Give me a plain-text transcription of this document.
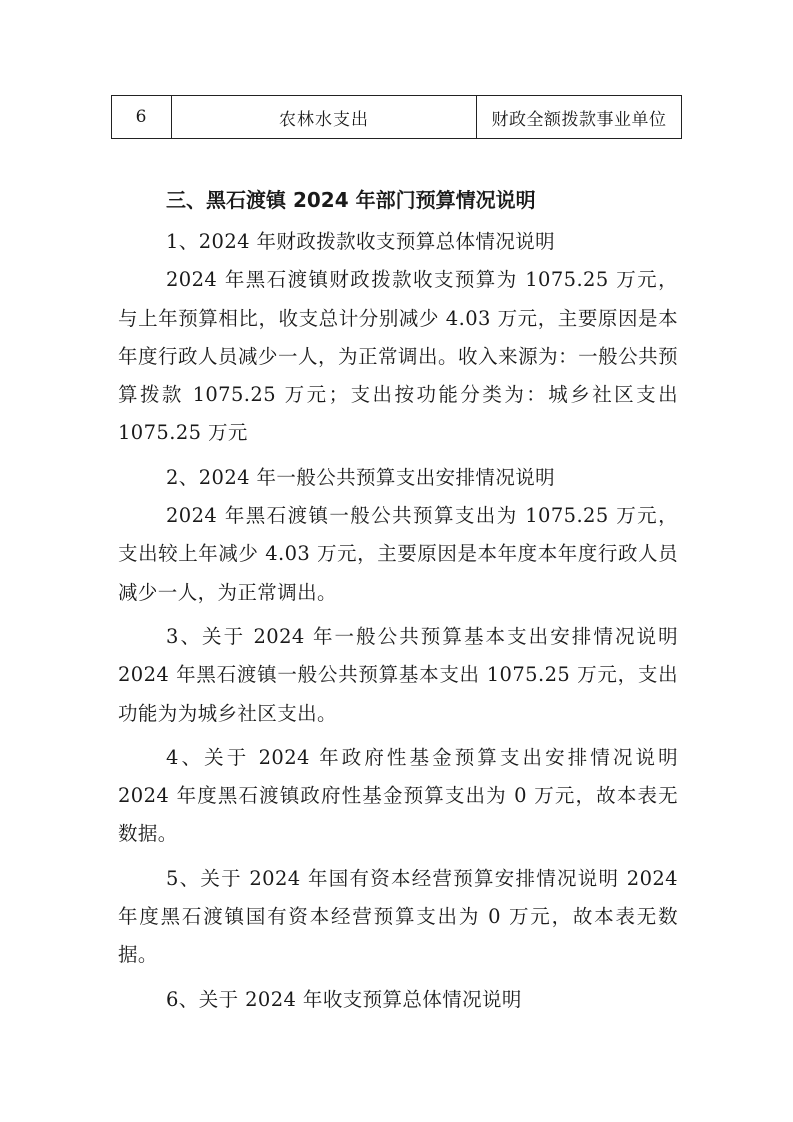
6	农林水支出	财政全额拨款事业单位
三、黑石渡镇 2024 年部门预算情况说明

1、2024 年财政拨款收支预算总体情况说明

2024 年黑石渡镇财政拨款收支预算为 1075.25 万元，与上年预算相比，收支总计分别减少 4.03 万元，主要原因是本年度行政人员减少一人，为正常调出。收入来源为：一般公共预算拨款 1075.25 万元；支出按功能分类为：城乡社区支出 1075.25 万元

2、2024 年一般公共预算支出安排情况说明

2024 年黑石渡镇一般公共预算支出为 1075.25 万元，支出较上年减少 4.03 万元，主要原因是本年度本年度行政人员减少一人，为正常调出。

3、关于 2024 年一般公共预算基本支出安排情况说明 2024 年黑石渡镇一般公共预算基本支出 1075.25 万元，支出功能为为城乡社区支出。

4、关于 2024 年政府性基金预算支出安排情况说明 2024 年度黑石渡镇政府性基金预算支出为 0 万元，故本表无数据。

5、关于 2024 年国有资本经营预算安排情况说明 2024 年度黑石渡镇国有资本经营预算支出为 0 万元，故本表无数据。

6、关于 2024 年收支预算总体情况说明
